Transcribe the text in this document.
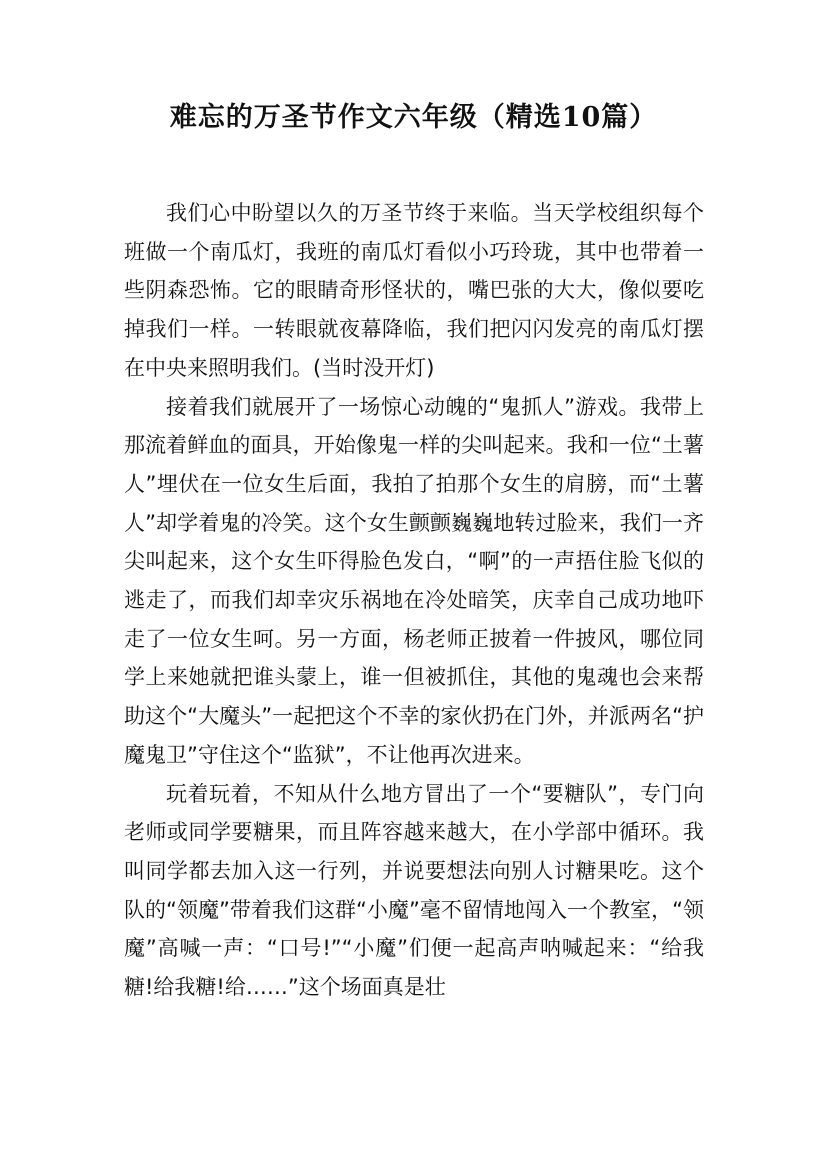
难忘的万圣节作文六年级（精选10篇）

我们心中盼望以久的万圣节终于来临。当天学校组织每个班做一个南瓜灯，我班的南瓜灯看似小巧玲珑，其中也带着一些阴森恐怖。它的眼睛奇形怪状的，嘴巴张的大大，像似要吃掉我们一样。一转眼就夜幕降临，我们把闪闪发亮的南瓜灯摆在中央来照明我们。(当时没开灯)

接着我们就展开了一场惊心动魄的“鬼抓人”游戏。我带上那流着鲜血的面具，开始像鬼一样的尖叫起来。我和一位“土薯人”埋伏在一位女生后面，我拍了拍那个女生的肩膀，而“土薯人”却学着鬼的冷笑。这个女生颤颤巍巍地转过脸来，我们一齐尖叫起来，这个女生吓得脸色发白，“啊”的一声捂住脸飞似的逃走了，而我们却幸灾乐祸地在冷处暗笑，庆幸自己成功地吓走了一位女生呵。另一方面，杨老师正披着一件披风，哪位同学上来她就把谁头蒙上，谁一但被抓住，其他的鬼魂也会来帮助这个“大魔头”一起把这个不幸的家伙扔在门外，并派两名“护魔鬼卫”守住这个“监狱”，不让他再次进来。

玩着玩着，不知从什么地方冒出了一个“要糖队”，专门向老师或同学要糖果，而且阵容越来越大，在小学部中循环。我叫同学都去加入这一行列，并说要想法向别人讨糖果吃。这个队的“领魔”带着我们这群“小魔”毫不留情地闯入一个教室，“领魔”高喊一声：“口号!”“小魔”们便一起高声呐喊起来：“给我糖!给我糖!给……”这个场面真是壮
